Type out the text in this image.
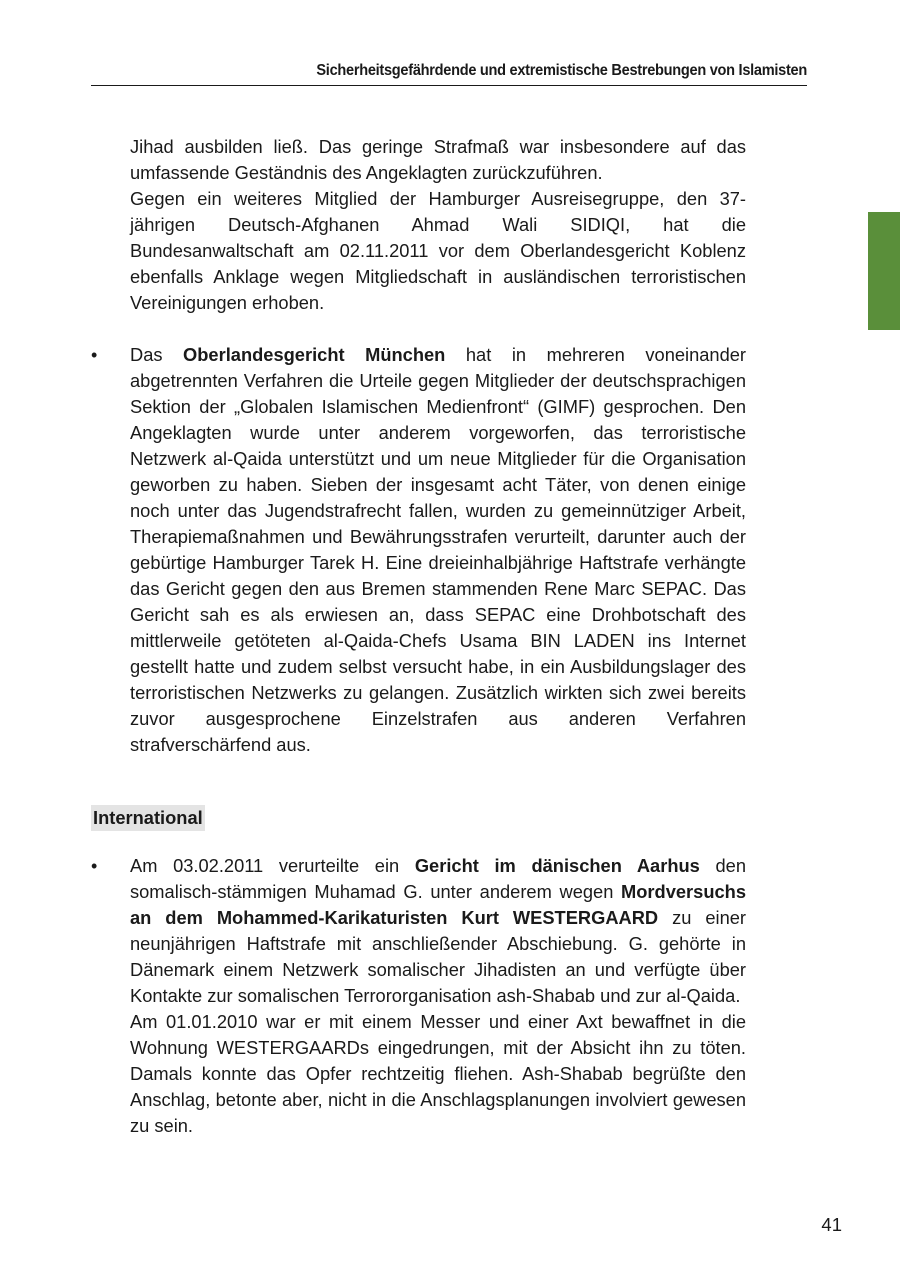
Sicherheitsgefährdende und extremistische Bestrebungen von Islamisten

Jihad ausbilden ließ. Das geringe Strafmaß war insbesondere auf das umfassende Geständnis des Angeklagten zurückzuführen.

Gegen ein weiteres Mitglied der Hamburger Ausreisegruppe, den 37-jährigen Deutsch-Afghanen Ahmad Wali SIDIQI, hat die Bundesanwaltschaft am 02.11.2011 vor dem Oberlandesgericht Koblenz ebenfalls Anklage wegen Mitgliedschaft in ausländischen terroristischen Vereinigungen erhoben.

• Das Oberlandesgericht München hat in mehreren voneinander abgetrennten Verfahren die Urteile gegen Mitglieder der deutschsprachigen Sektion der „Globalen Islamischen Medienfront“ (GIMF) gesprochen. Den Angeklagten wurde unter anderem vorgeworfen, das terroristische Netzwerk al-Qaida unterstützt und um neue Mitglieder für die Organisation geworben zu haben. Sieben der insgesamt acht Täter, von denen einige noch unter das Jugendstrafrecht fallen, wurden zu gemeinnütziger Arbeit, Therapiemaßnahmen und Bewährungsstrafen verurteilt, darunter auch der gebürtige Hamburger Tarek H. Eine dreieinhalbjährige Haftstrafe verhängte das Gericht gegen den aus Bremen stammenden Rene Marc SEPAC. Das Gericht sah es als erwiesen an, dass SEPAC eine Drohbotschaft des mittlerweile getöteten al-Qaida-Chefs Usama BIN LADEN ins Internet gestellt hatte und zudem selbst versucht habe, in ein Ausbildungslager des terroristischen Netzwerks zu gelangen. Zusätzlich wirkten sich zwei bereits zuvor ausgesprochene Einzelstrafen aus anderen Verfahren strafverschärfend aus.

International
• Am 03.02.2011 verurteilte ein Gericht im dänischen Aarhus den somalisch-stämmigen Muhamad G. unter anderem wegen Mordversuchs an dem Mohammed-Karikaturisten Kurt WESTERGAARD zu einer neunjährigen Haftstrafe mit anschließender Abschiebung. G. gehörte in Dänemark einem Netzwerk somalischer Jihadisten an und verfügte über Kontakte zur somalischen Terrororganisation ash-Shabab und zur al-Qaida.

Am 01.01.2010 war er mit einem Messer und einer Axt bewaffnet in die Wohnung WESTERGAARDs eingedrungen, mit der Absicht ihn zu töten. Damals konnte das Opfer rechtzeitig fliehen. Ash-Shabab begrüßte den Anschlag, betonte aber, nicht in die Anschlagsplanungen involviert gewesen zu sein.

41
